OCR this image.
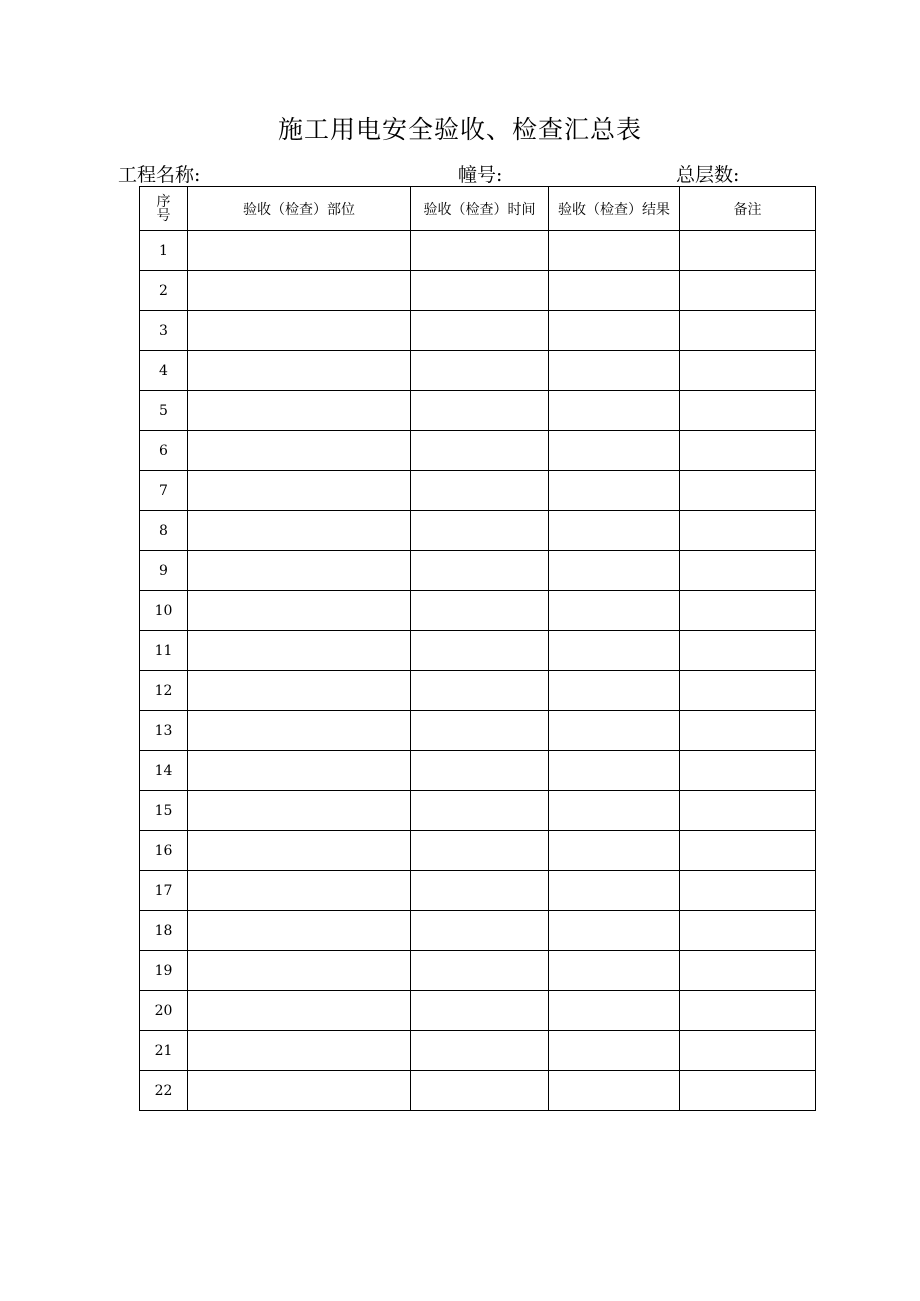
施工用电安全验收、检查汇总表
工程名称:	幢号:	总层数:
序号	验收（检查）部位	验收（检查）时间	验收（检查）结果	备注
1				
2				
3				
4				
5				
6				
7				
8				
9				
10				
11				
12				
13				
14				
15				
16				
17				
18				
19				
20				
21				
22				
